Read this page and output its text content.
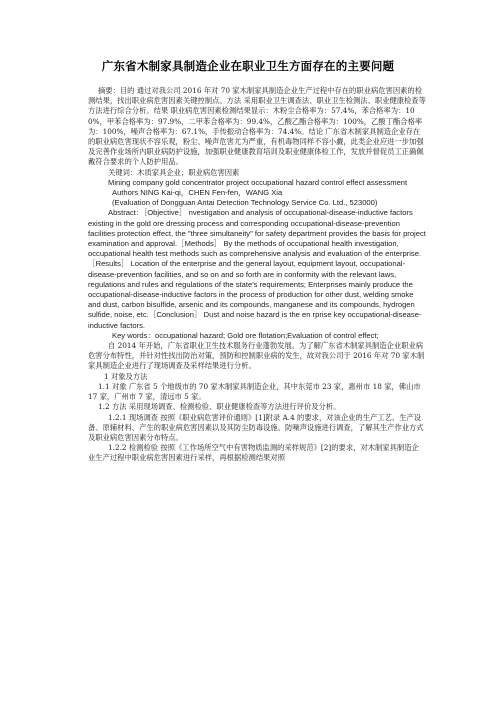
广东省木制家具制造企业在职业卫生方面存在的主要问题

摘要：目的 通过对我公司 2016 年对 70 家木制家具制造企业生产过程中存在的职业病危害因素的检测结果，找出职业病危害因素关键控制点。方法 采用职业卫生调查法、职业卫生检测法、职业健康检查等方法进行综合分析。结果 职业病危害因素检测结果显示：木粉尘合格率为：57.4%，苯合格率为：100%，甲苯合格率为：97.9%，二甲苯合格率为：99.4%，乙酸乙酯合格率为：100%，乙酸丁酯合格率为：100%，噪声合格率为：67.1%，手传振动合格率为：74.4%。结论 广东省木制家具制造企业存在的职业病危害现状不容乐观，粉尘、噪声危害尤为严重，有机毒物同样不容小觑，此类企业应进一步加强及完善作业场所内职业病防护设施，加强职业健康教育培训及职业健康体检工作，发放并督促员工正确佩戴符合要求的个人防护用品。

关键词：木质家具企业；职业病危害因素

Mining company gold concentrator project occupational hazard control effect assessment

Authors NING Kai-qi，CHEN Fen-fen，WANG Xia

(Evaluation of Dongguan Antai Detection Technology Service Co. Ltd., 523000)

Abstract：［Objective］ nvestigation and analysis of occupational-disease-inductive factors existing in the gold ore dressing process and corresponding occupational-disease-prevention facilities protection effect, the "three simultaneity" for safety department provides the basis for project examination and approval.［Methods］ By the methods of occupational health investigation, occupational health test methods such as comprehensive analysis and evaluation of the enterprise.［Results］ Location of the enterprise and the general layout, equipment layout, occupational-disease-prevention facilities, and so on and so forth are in conformity with the relevant laws, regulations and rules and regulations of the state's requirements; Enterprises mainly produce the occupational-disease-inductive factors in the process of production for other dust, welding smoke and dust, carbon bisulfide, arsenic and its compounds, manganese and its compounds, hydrogen sulfide, noise, etc.［Conclusion］ Dust and noise hazard is the en rprise key occupational-disease-inductive factors.

Key words：occupational hazard; Gold ore flotation;Evaluation of control effect;

自 2014 年开始，广东省职业卫生技术服务行业蓬勃发展。为了解广东省木制家具制造企业职业病危害分布特性，并针对性找出防治对策，预防和控制职业病的发生，故对我公司于 2016 年对 70 家木制家具制造企业进行了现场调查及采样结果进行分析。

1 对象及方法

1.1 对象 广东省 5 个地级市的 70 家木制家具制造企业，其中东莞市 23 家，惠州市 18 家，佛山市 17 家，广州市 7 家，清远市 5 家。

1.2 方法 采用现场调查、检测检验、职业健康检查等方法进行评价及分析。

1.2.1 现场调查 按照《职业病危害评价通则》[1]附录 A.4 的要求，对该企业的生产工艺、生产设备、原辅材料、产生的职业病危害因素以及其防尘防毒设施、防噪声设施进行调查，了解其生产作业方式及职业病危害因素分布特点。

1.2.2 检测检验 按照《工作场所空气中有害物质监测的采样规范》[2]的要求，对木制家具制造企业生产过程中职业病危害因素进行采样，再根据检测结果对照
